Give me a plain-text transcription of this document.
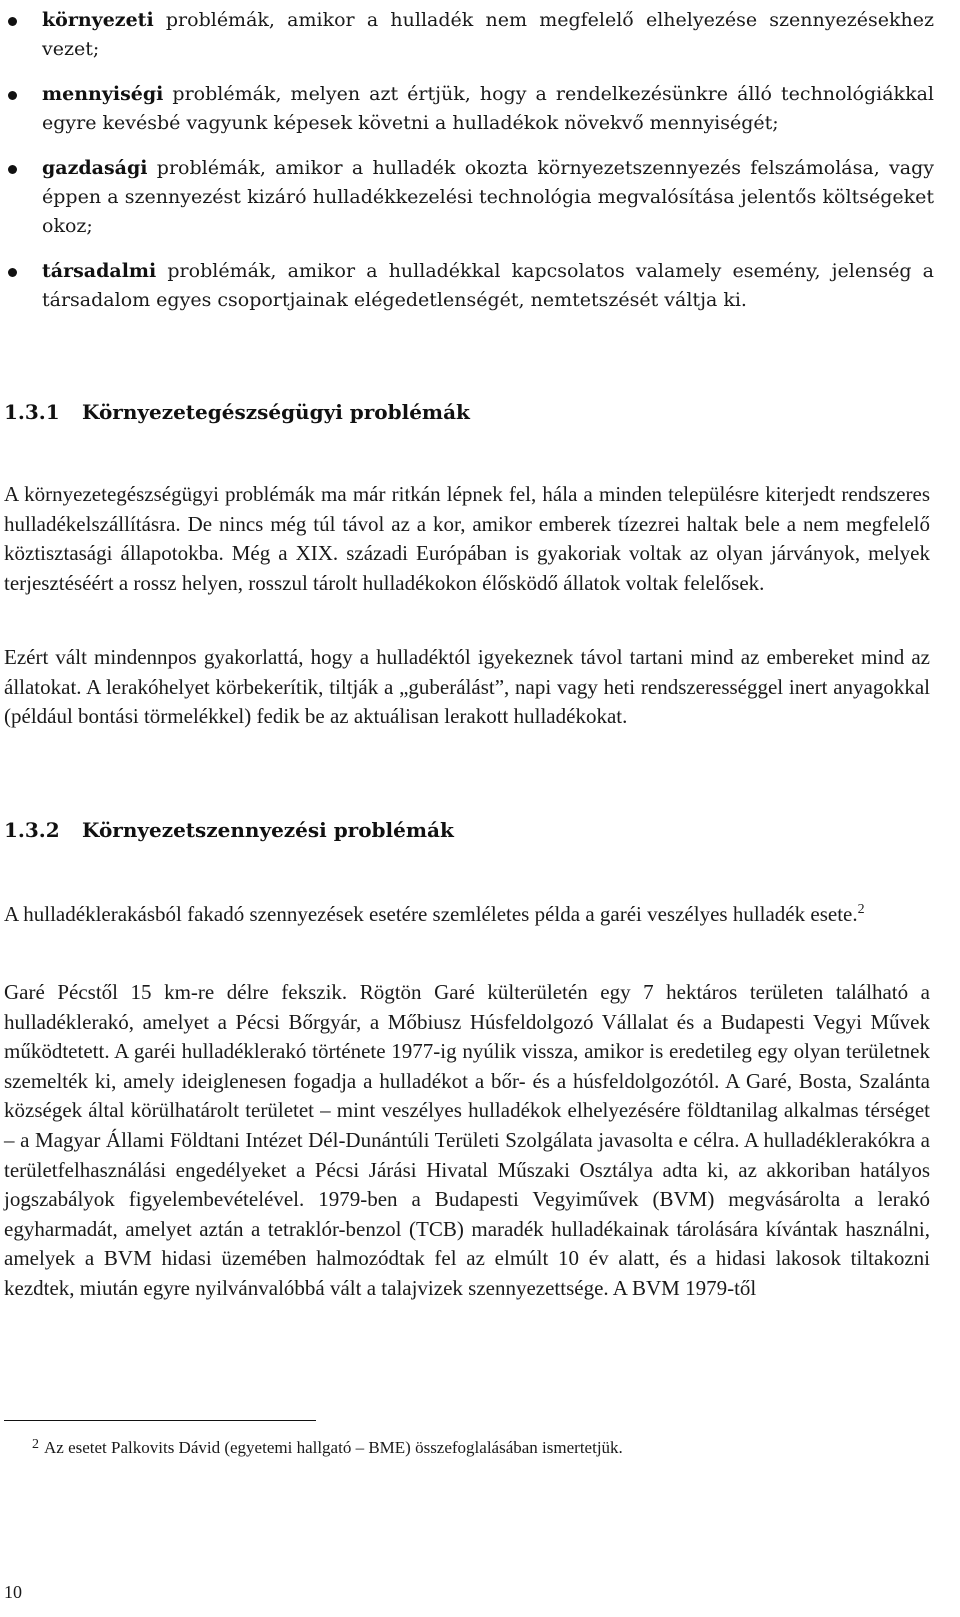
környezeti problémák, amikor a hulladék nem megfelelő elhelyezése szennyezésekhez vezet;
mennyiségi problémák, melyen azt értjük, hogy a rendelkezésünkre álló technológiákkal egyre kevésbé vagyunk képesek követni a hulladékok növekvő mennyiségét;
gazdasági problémák, amikor a hulladék okozta környezetszennyezés felszámolása, vagy éppen a szennyezést kizáró hulladékkezelési technológia megvalósítása jelentős költségeket okoz;
társadalmi problémák, amikor a hulladékkal kapcsolatos valamely esemény, jelenség a társadalom egyes csoportjainak elégedetlenségét, nemtetszését váltja ki.
1.3.1 Környezetegészségügyi problémák

A környezetegészségügyi problémák ma már ritkán lépnek fel, hála a minden településre kiterjedt rendszeres hulladékelszállításra. De nincs még túl távol az a kor, amikor emberek tízezrei haltak bele a nem megfelelő köztisztasági állapotokba. Még a XIX. századi Európában is gyakoriak voltak az olyan járványok, melyek terjesztéséért a rossz helyen, rosszul tárolt hulladékokon élősködő állatok voltak felelősek.

Ezért vált mindennpos gyakorlattá, hogy a hulladéktól igyekeznek távol tartani mind az embereket mind az állatokat. A lerakóhelyet körbekerítik, tiltják a „guberálást”, napi vagy heti rendszerességgel inert anyagokkal (például bontási törmelékkel) fedik be az aktuálisan lerakott hulladékokat.

1.3.2 Környezetszennyezési problémák

A hulladéklerakásból fakadó szennyezések esetére szemléletes példa a garéi veszélyes hulladék esete.$^2$

Garé Pécstől 15 km-re délre fekszik. Rögtön Garé külterületén egy 7 hektáros területen található a hulladéklerakó, amelyet a Pécsi Bőrgyár, a Mőbiusz Húsfeldolgozó Vállalat és a Budapesti Vegyi Művek működtetett. A garéi hulladéklerakó története 1977-ig nyúlik vissza, amikor is eredetileg egy olyan területnek szemelték ki, amely ideiglenesen fogadja a hulladékot a bőr- és a húsfeldolgozótól. A Garé, Bosta, Szalánta községek által körülhatárolt területet – mint veszélyes hulladékok elhelyezésére földtanilag alkalmas térséget – a Magyar Állami Földtani Intézet Dél-Dunántúli Területi Szolgálata javasolta e célra. A hulladéklerakókra a területfelhasználási engedélyeket a Pécsi Járási Hivatal Műszaki Osztálya adta ki, az akkoriban hatályos jogszabályok figyelembevételével. 1979-ben a Budapesti Vegyiművek (BVM) megvásárolta a lerakó egyharmadát, amelyet aztán a tetraklór-benzol (TCB) maradék hulladékainak tárolására kívántak használni, amelyek a BVM hidasi üzemében halmozódtak fel az elmúlt 10 év alatt, és a hidasi lakosok tiltakozni kezdtek, miután egyre nyilvánvalóbbá vált a talajvizek szennyezettsége. A BVM 1979-től

$^2$ Az esetet Palkovits Dávid (egyetemi hallgató – BME) összefoglalásában ismertetjük.
10
